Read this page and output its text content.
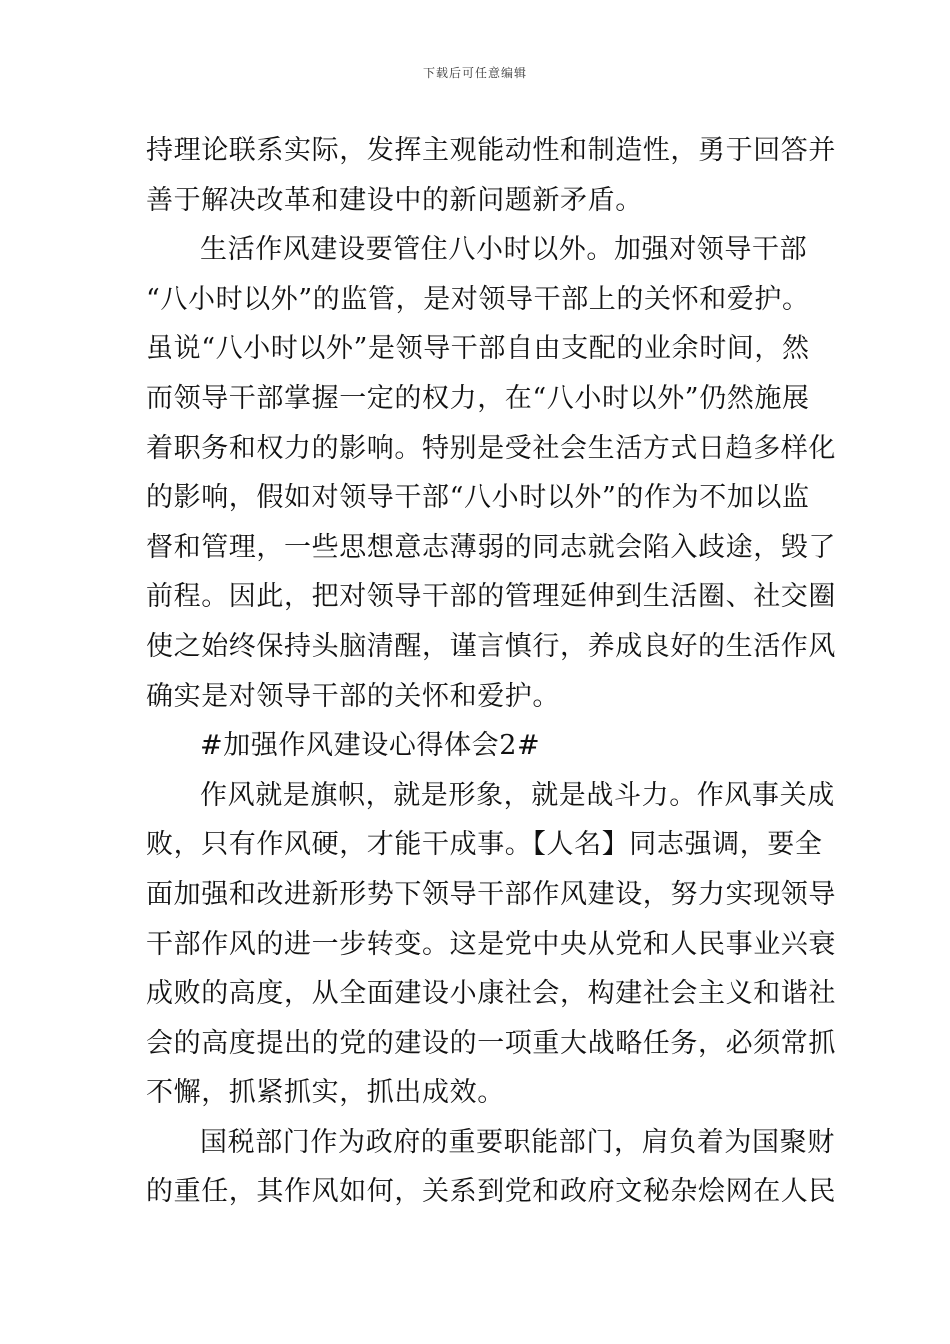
下载后可任意编辑
持理论联系实际，发挥主观能动性和制造性，勇于回答并
善于解决改革和建设中的新问题新矛盾。
生活作风建设要管住八小时以外。加强对领导干部
“八小时以外”的监管，是对领导干部上的关怀和爱护。
虽说“八小时以外”是领导干部自由支配的业余时间，然
而领导干部掌握一定的权力，在“八小时以外”仍然施展
着职务和权力的影响。特别是受社会生活方式日趋多样化
的影响，假如对领导干部“八小时以外”的作为不加以监
督和管理，一些思想意志薄弱的同志就会陷入歧途，毁了
前程。因此，把对领导干部的管理延伸到生活圈、社交圈
使之始终保持头脑清醒，谨言慎行，养成良好的生活作风
确实是对领导干部的关怀和爱护。
#加强作风建设心得体会2#
作风就是旗帜，就是形象，就是战斗力。作风事关成
败，只有作风硬，才能干成事。【人名】同志强调，要全
面加强和改进新形势下领导干部作风建设，努力实现领导
干部作风的进一步转变。这是党中央从党和人民事业兴衰
成败的高度，从全面建设小康社会，构建社会主义和谐社
会的高度提出的党的建设的一项重大战略任务，必须常抓
不懈，抓紧抓实，抓出成效。
国税部门作为政府的重要职能部门，肩负着为国聚财
的重任，其作风如何，关系到党和政府文秘杂烩网在人民
